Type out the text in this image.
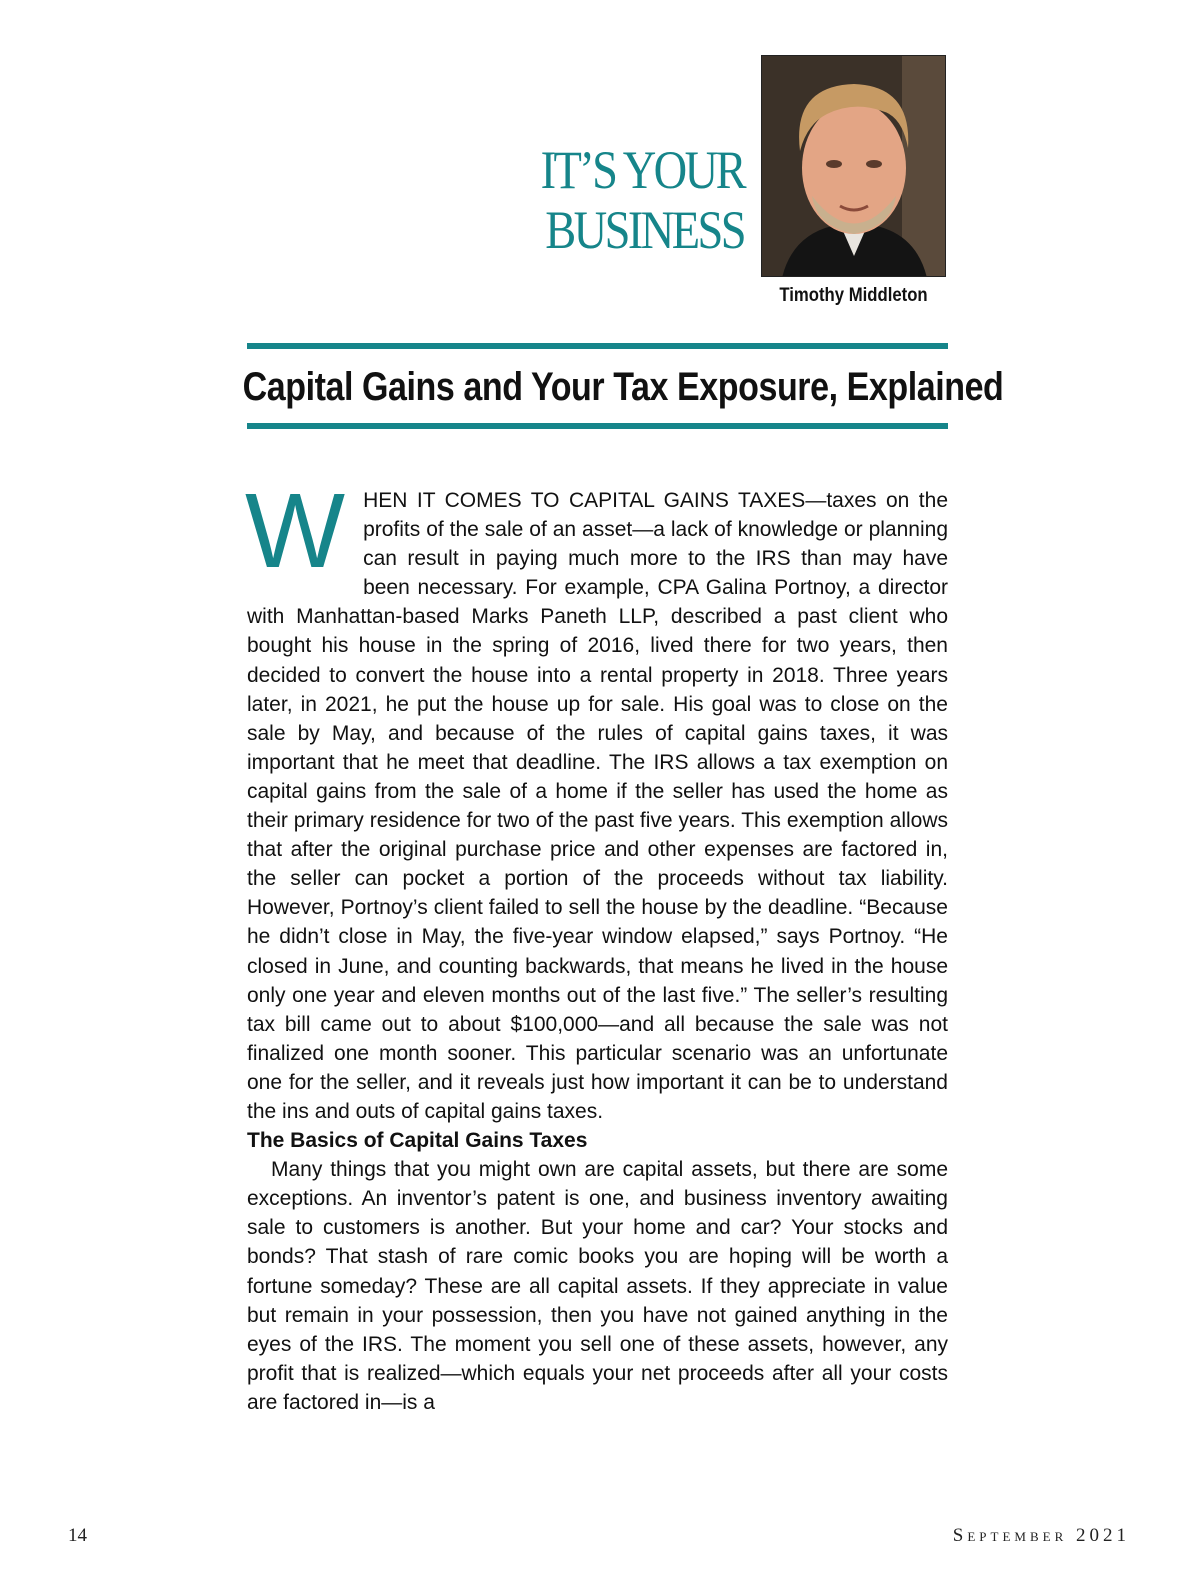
IT’S YOUR
BUSINESS
Timothy Middleton
Capital Gains and Your Tax Exposure, Explained

WHEN IT COMES TO CAPITAL GAINS TAXES—taxes on the profits of the sale of an asset—a lack of knowledge or planning can result in paying much more to the IRS than may have been necessary. For example, CPA Galina Portnoy, a director with Manhattan-based Marks Paneth LLP, described a past client who bought his house in the spring of 2016, lived there for two years, then decided to convert the house into a rental property in 2018. Three years later, in 2021, he put the house up for sale. His goal was to close on the sale by May, and because of the rules of capital gains taxes, it was important that he meet that deadline. The IRS allows a tax exemption on capital gains from the sale of a home if the seller has used the home as their primary residence for two of the past five years. This exemption allows that after the original purchase price and other expenses are factored in, the seller can pocket a portion of the proceeds without tax liability. However, Portnoy’s client failed to sell the house by the deadline. “Because he didn’t close in May, the five-year window elapsed,” says Portnoy. “He closed in June, and counting backwards, that means he lived in the house only one year and eleven months out of the last five.” The seller’s resulting tax bill came out to about $100,000—and all because the sale was not finalized one month sooner. This particular scenario was an unfortunate one for the seller, and it reveals just how important it can be to understand the ins and outs of capital gains taxes.

The Basics of Capital Gains Taxes

Many things that you might own are capital assets, but there are some exceptions. An inventor’s patent is one, and business inventory awaiting sale to customers is another. But your home and car? Your stocks and bonds? That stash of rare comic books you are hoping will be worth a fortune someday? These are all capital assets. If they appreciate in value but remain in your possession, then you have not gained anything in the eyes of the IRS. The moment you sell one of these assets, however, any profit that is realized—which equals your net proceeds after all your costs are factored in—is a

14	September 2021
